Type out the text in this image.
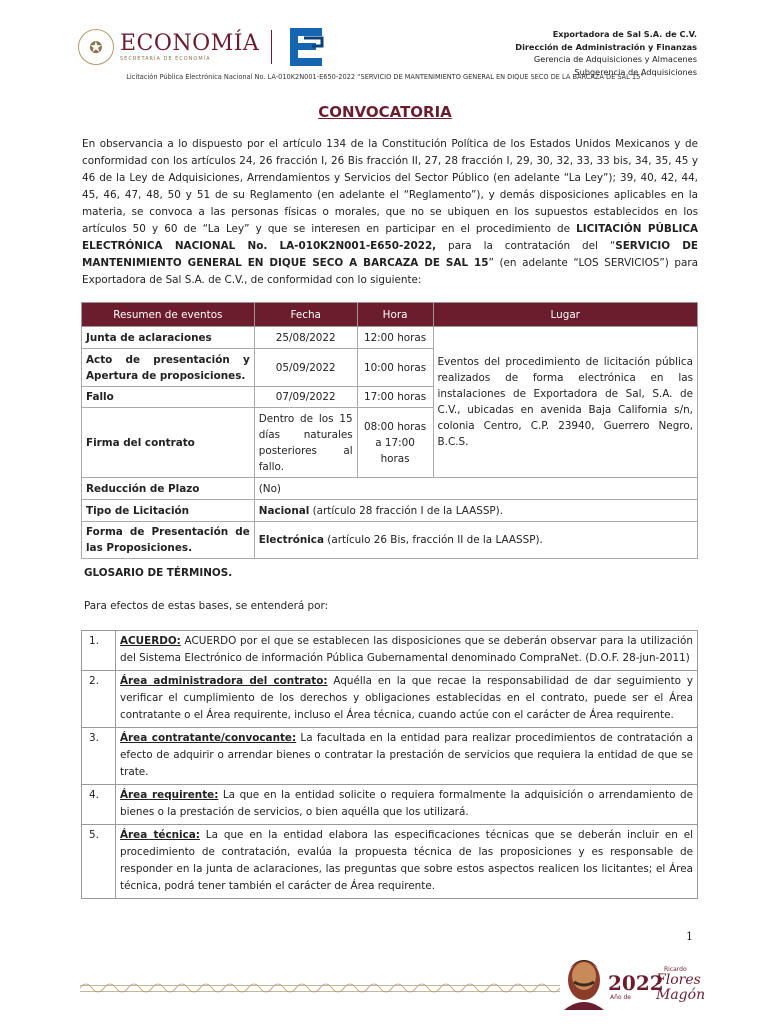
✪ ECONOMÍA
SECRETARÍA DE ECONOMÍA
Exportadora de Sal S.A. de C.V.
Dirección de Administración y Finanzas
Gerencia de Adquisiciones y Almacenes
Subgerencia de Adquisiciones
Licitación Pública Electrónica Nacional No. LA-010K2N001-E650-2022 “SERVICIO DE MANTENIMIENTO GENERAL EN DIQUE SECO DE LA BARCAZA DE SAL 15”
CONVOCATORIA
En observancia a lo dispuesto por el artículo 134 de la Constitución Política de los Estados Unidos Mexicanos y de conformidad con los artículos 24, 26 fracción I, 26 Bis fracción II, 27, 28 fracción I, 29, 30, 32, 33, 33 bis, 34, 35, 45 y 46 de la Ley de Adquisiciones, Arrendamientos y Servicios del Sector Público (en adelante “La Ley”); 39, 40, 42, 44, 45, 46, 47, 48, 50 y 51 de su Reglamento (en adelante el “Reglamento”), y demás disposiciones aplicables en la materia, se convoca a las personas físicas o morales, que no se ubiquen en los supuestos establecidos en los artículos 50 y 60 de “La Ley” y que se interesen en participar en el procedimiento de LICITACIÓN PÚBLICA ELECTRÓNICA NACIONAL No. LA-010K2N001-E650-2022, para la contratación del “SERVICIO DE MANTENIMIENTO GENERAL EN DIQUE SECO A BARCAZA DE SAL 15” (en adelante “LOS SERVICIOS”) para Exportadora de Sal S.A. de C.V., de conformidad con lo siguiente:
Resumen de eventos	Fecha	Hora	Lugar
Junta de aclaraciones	25/08/2022	12:00 horas	Eventos del procedimiento de licitación pública realizados de forma electrónica en las instalaciones de Exportadora de Sal, S.A. de C.V., ubicadas en avenida Baja California s/n, colonia Centro, C.P. 23940, Guerrero Negro, B.C.S.
Acto de presentación y Apertura de proposiciones.	05/09/2022	10:00 horas	
Fallo	07/09/2022	17:00 horas	
Firma del contrato	Dentro de los 15 días naturales posteriores al fallo.	08:00 horas a 17:00 horas	
Reducción de Plazo	(No)		
Tipo de Licitación	Nacional (artículo 28 fracción I de la LAASSP).		
Forma de Presentación de las Proposiciones.	Electrónica (artículo 26 Bis, fracción II de la LAASSP).		
GLOSARIO DE TÉRMINOS.
Para efectos de estas bases, se entenderá por:
1.	ACUERDO: ACUERDO por el que se establecen las disposiciones que se deberán observar para la utilización del Sistema Electrónico de información Pública Gubernamental denominado CompraNet. (D.O.F. 28-jun-2011)
2.	Área administradora del contrato: Aquélla en la que recae la responsabilidad de dar seguimiento y verificar el cumplimiento de los derechos y obligaciones establecidas en el contrato, puede ser el Área contratante o el Área requirente, incluso el Área técnica, cuando actúe con el carácter de Área requirente.
3.	Área contratante/convocante: La facultada en la entidad para realizar procedimientos de contratación a efecto de adquirir o arrendar bienes o contratar la prestación de servicios que requiera la entidad de que se trate.
4.	Área requirente: La que en la entidad solicite o requiera formalmente la adquisición o arrendamiento de bienes o la prestación de servicios, o bien aquélla que los utilizará.
5.	Área técnica: La que en la entidad elabora las especificaciones técnicas que se deberán incluir en el procedimiento de contratación, evalúa la propuesta técnica de las proposiciones y es responsable de responder en la junta de aclaraciones, las preguntas que sobre estos aspectos realicen los licitantes; el Área técnica, podrá tener también el carácter de Área requirente.
1
2022
Año de
Ricardo
Flores
Magón
